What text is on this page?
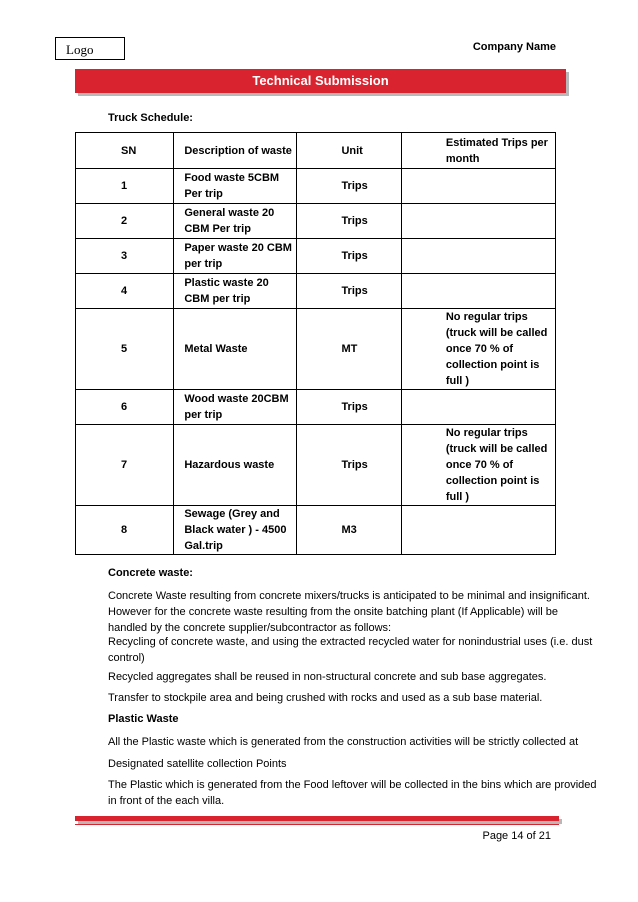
Logo	Company Name
Technical Submission
Truck Schedule:
SN	Description of waste	Unit	Estimated Trips per month

1	Food waste 5CBM Per trip	Trips	

2	General waste 20 CBM Per trip	Trips	

3	Paper waste 20 CBM per trip	Trips	

4	Plastic waste 20 CBM per trip	Trips	

5	Metal Waste	MT	No regular trips (truck will be called once 70 % of collection point is full )

6	Wood waste 20CBM per trip	Trips	

7	Hazardous waste	Trips	No regular trips (truck will be called once 70 % of collection point is full )

8	Sewage (Grey and Black water ) - 4500 Gal.trip	M3	

Concrete waste:
Concrete Waste resulting from concrete mixers/trucks is anticipated to be minimal and insignificant. However for the concrete waste resulting from the onsite batching plant (If Applicable) will be handled by the concrete supplier/subcontractor as follows:
Recycling of concrete waste, and using the extracted recycled water for nonindustrial uses (i.e. dust control)
Recycled aggregates shall be reused in non-structural concrete and sub base aggregates.
Transfer to stockpile area and being crushed with rocks and used as a sub base material.
Plastic Waste
All the Plastic waste which is generated from the construction activities will be strictly collected at
Designated satellite collection Points
The Plastic which is generated from the Food leftover will be collected in the bins which are provided in front of the each villa.
Page 14 of 21
